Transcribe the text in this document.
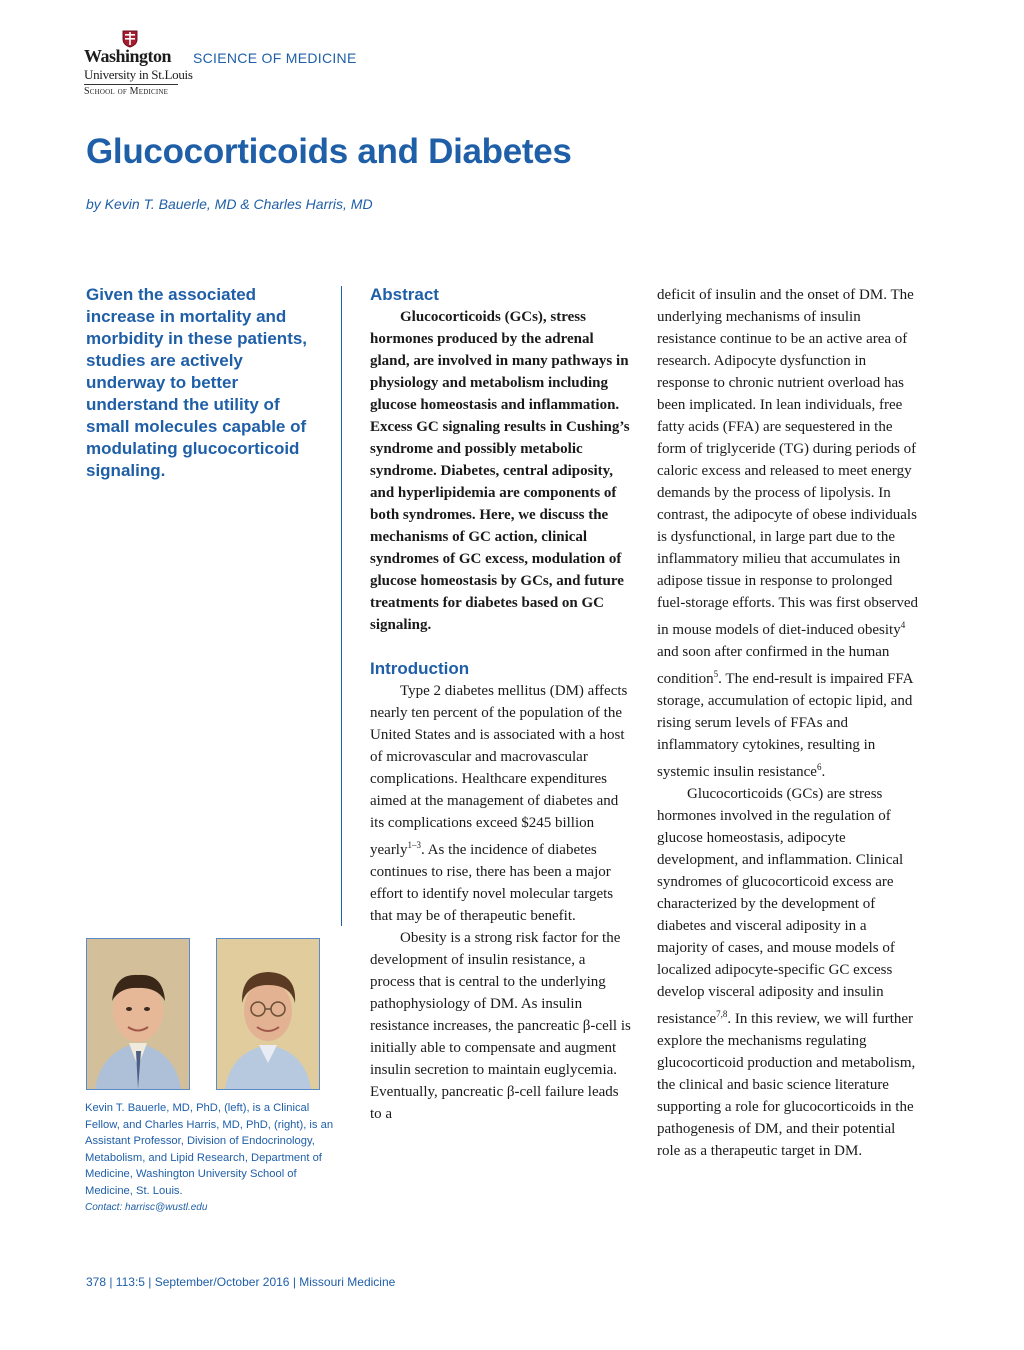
Washington
University in St.Louis
School of Medicine
SCIENCE OF MEDICINE
Glucocorticoids and Diabetes
by Kevin T. Bauerle, MD & Charles Harris, MD
Given the associated increase in mortality and morbidity in these patients, studies are actively underway to better understand the utility of small molecules capable of modulating glucocorticoid signaling.
Kevin T. Bauerle, MD, PhD, (left), is a Clinical Fellow, and Charles Harris, MD, PhD, (right), is an Assistant Professor, Division of Endocrinology, Metabolism, and Lipid Research, Department of Medicine, Washington University School of Medicine, St. Louis.
Contact: harrisc@wustl.edu
Abstract

Glucocorticoids (GCs), stress hormones produced by the adrenal gland, are involved in many pathways in physiology and metabolism including glucose homeostasis and inflammation. Excess GC signaling results in Cushing’s syndrome and possibly metabolic syndrome. Diabetes, central adiposity, and hyperlipidemia are components of both syndromes. Here, we discuss the mechanisms of GC action, clinical syndromes of GC excess, modulation of glucose homeostasis by GCs, and future treatments for diabetes based on GC signaling.

Introduction

Type 2 diabetes mellitus (DM) affects nearly ten percent of the population of the United States and is associated with a host of microvascular and macrovascular complications. Healthcare expenditures aimed at the management of diabetes and its complications exceed $245 billion yearly$^{1-3}$. As the incidence of diabetes continues to rise, there has been a major effort to identify novel molecular targets that may be of therapeutic benefit.

Obesity is a strong risk factor for the development of insulin resistance, a process that is central to the underlying pathophysiology of DM. As insulin resistance increases, the pancreatic β-cell is initially able to compensate and augment insulin secretion to maintain euglycemia. Eventually, pancreatic β-cell failure leads to a

deficit of insulin and the onset of DM. The underlying mechanisms of insulin resistance continue to be an active area of research. Adipocyte dysfunction in response to chronic nutrient overload has been implicated. In lean individuals, free fatty acids (FFA) are sequestered in the form of triglyceride (TG) during periods of caloric excess and released to meet energy demands by the process of lipolysis. In contrast, the adipocyte of obese individuals is dysfunctional, in large part due to the inflammatory milieu that accumulates in adipose tissue in response to prolonged fuel-storage efforts. This was first observed in mouse models of diet-induced obesity$^4$ and soon after confirmed in the human condition$^5$. The end-result is impaired FFA storage, accumulation of ectopic lipid, and rising serum levels of FFAs and inflammatory cytokines, resulting in systemic insulin resistance$^6$.

Glucocorticoids (GCs) are stress hormones involved in the regulation of glucose homeostasis, adipocyte development, and inflammation. Clinical syndromes of glucocorticoid excess are characterized by the development of diabetes and visceral adiposity in a majority of cases, and mouse models of localized adipocyte-specific GC excess develop visceral adiposity and insulin resistance$^{7,8}$. In this review, we will further explore the mechanisms regulating glucocorticoid production and metabolism, the clinical and basic science literature supporting a role for glucocorticoids in the pathogenesis of DM, and their potential role as a therapeutic target in DM.

378 | 113:5 | September/October 2016 | Missouri Medicine
